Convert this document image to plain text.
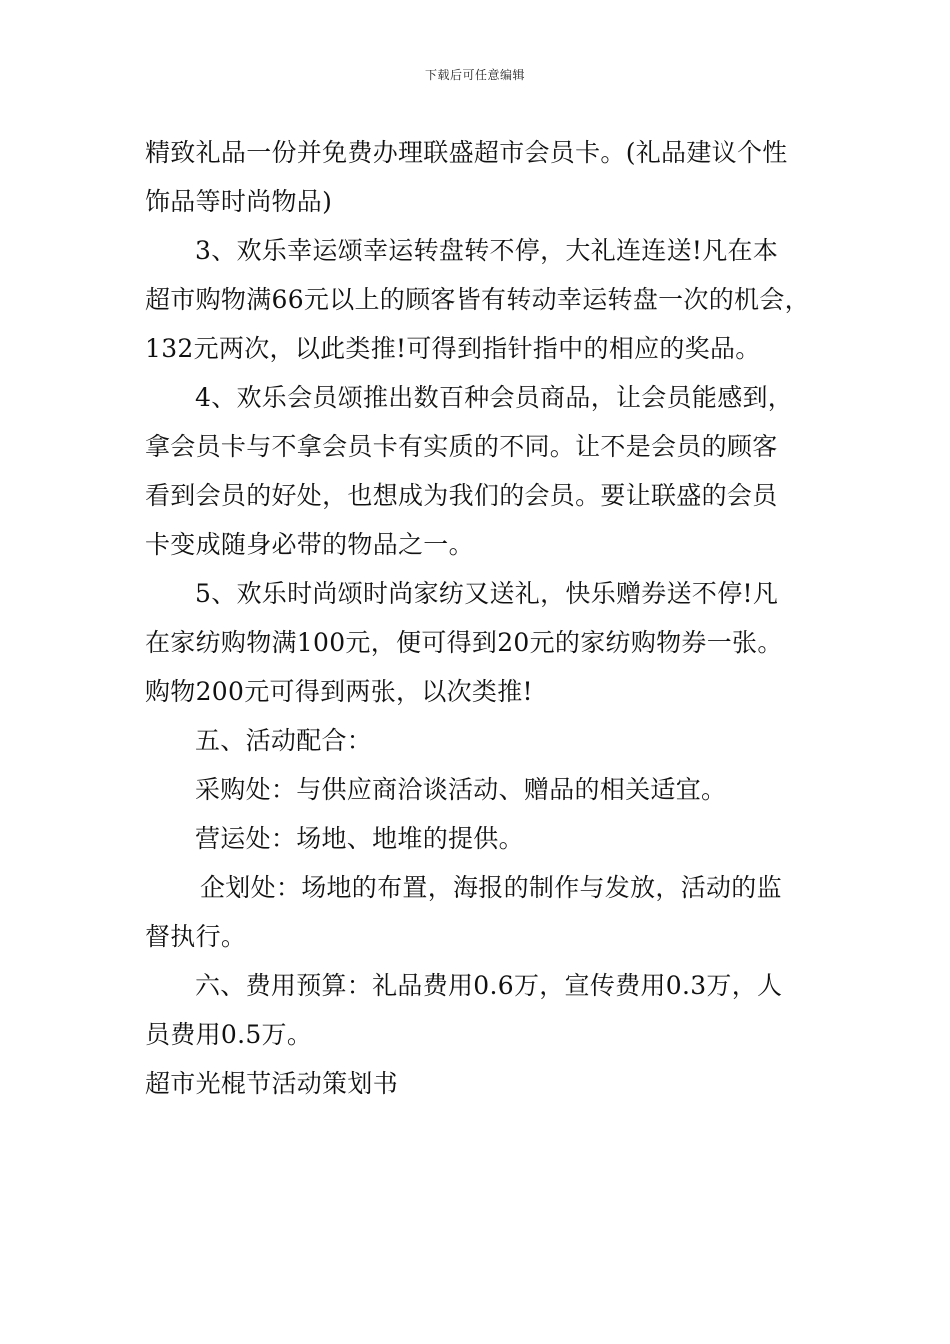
下载后可任意编辑
精致礼品一份并免费办理联盛超市会员卡。(礼品建议个性
饰品等时尚物品)
3、欢乐幸运颂幸运转盘转不停，大礼连连送!凡在本
超市购物满66元以上的顾客皆有转动幸运转盘一次的机会，
132元两次，以此类推!可得到指针指中的相应的奖品。
4、欢乐会员颂推出数百种会员商品，让会员能感到，
拿会员卡与不拿会员卡有实质的不同。让不是会员的顾客
看到会员的好处，也想成为我们的会员。要让联盛的会员
卡变成随身必带的物品之一。
5、欢乐时尚颂时尚家纺又送礼，快乐赠券送不停!凡
在家纺购物满100元，便可得到20元的家纺购物券一张。
购物200元可得到两张，以次类推!
五、活动配合：
采购处：与供应商洽谈活动、赠品的相关适宜。
营运处：场地、地堆的提供。
企划处：场地的布置，海报的制作与发放，活动的监
督执行。
六、费用预算：礼品费用0.6万，宣传费用0.3万，人
员费用0.5万。
超市光棍节活动策划书
